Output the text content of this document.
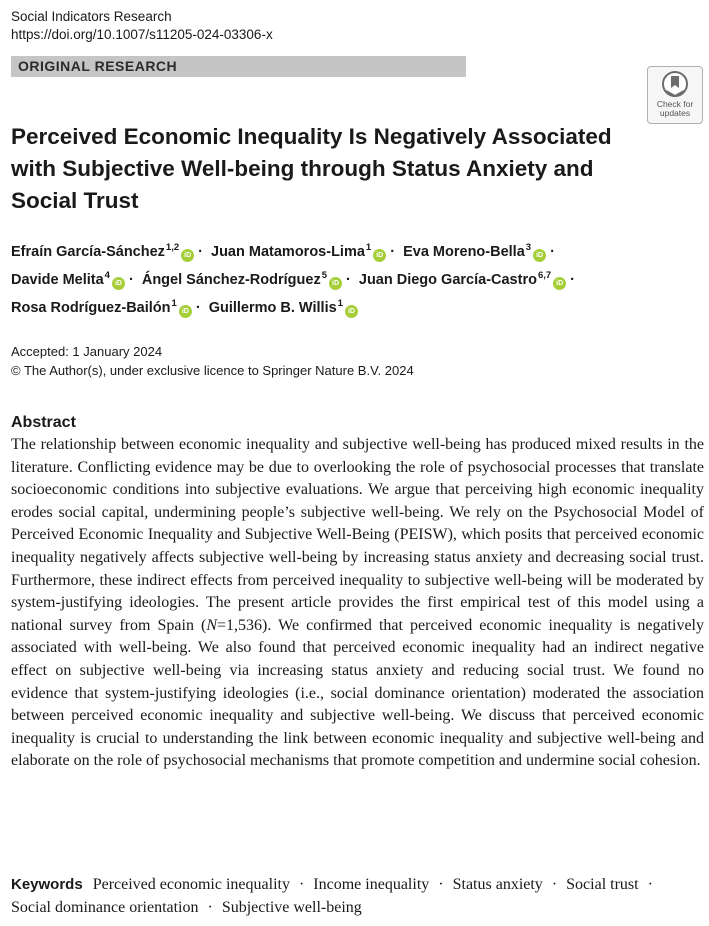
Social Indicators Research
https://doi.org/10.1007/s11205-024-03306-x
ORIGINAL RESEARCH
Check for
updates
Perceived Economic Inequality Is Negatively Associated with Subjective Well-being through Status Anxiety and Social Trust
Efraín García-Sánchez$^{1,2}$iD · Juan Matamoros-Lima$^1$iD · Eva Moreno-Bella$^3$iD · Davide Melita$^4$iD · Ángel Sánchez-Rodríguez$^5$iD · Juan Diego García-Castro$^{6,7}$iD · Rosa Rodríguez-Bailón$^1$iD · Guillermo B. Willis$^1$iD
Accepted: 1 January 2024
© The Author(s), under exclusive licence to Springer Nature B.V. 2024
Abstract

The relationship between economic inequality and subjective well-being has produced mixed results in the literature. Conflicting evidence may be due to overlooking the role of psychosocial processes that translate socioeconomic conditions into subjective evaluations. We argue that perceiving high economic inequality erodes social capital, undermining people’s subjective well-being. We rely on the Psychosocial Model of Perceived Economic Inequality and Subjective Well-Being (PEISW), which posits that perceived economic inequality negatively affects subjective well-being by increasing status anxiety and decreasing social trust. Furthermore, these indirect effects from perceived inequality to subjective well-being will be moderated by system-justifying ideologies. The present article provides the first empirical test of this model using a national survey from Spain (N=1,536). We confirmed that perceived economic inequality is negatively associated with well-being. We also found that perceived economic inequality had an indirect negative effect on subjective well-being via increasing status anxiety and reducing social trust. We found no evidence that system-justifying ideologies (i.e., social dominance orientation) moderated the association between perceived economic inequality and subjective well-being. We discuss that perceived economic inequality is crucial to understanding the link between economic inequality and subjective well-being and elaborate on the role of psychosocial mechanisms that promote competition and undermine social cohesion.

Keywords Perceived economic inequality · Income inequality · Status anxiety · Social trust · Social dominance orientation · Subjective well-being
